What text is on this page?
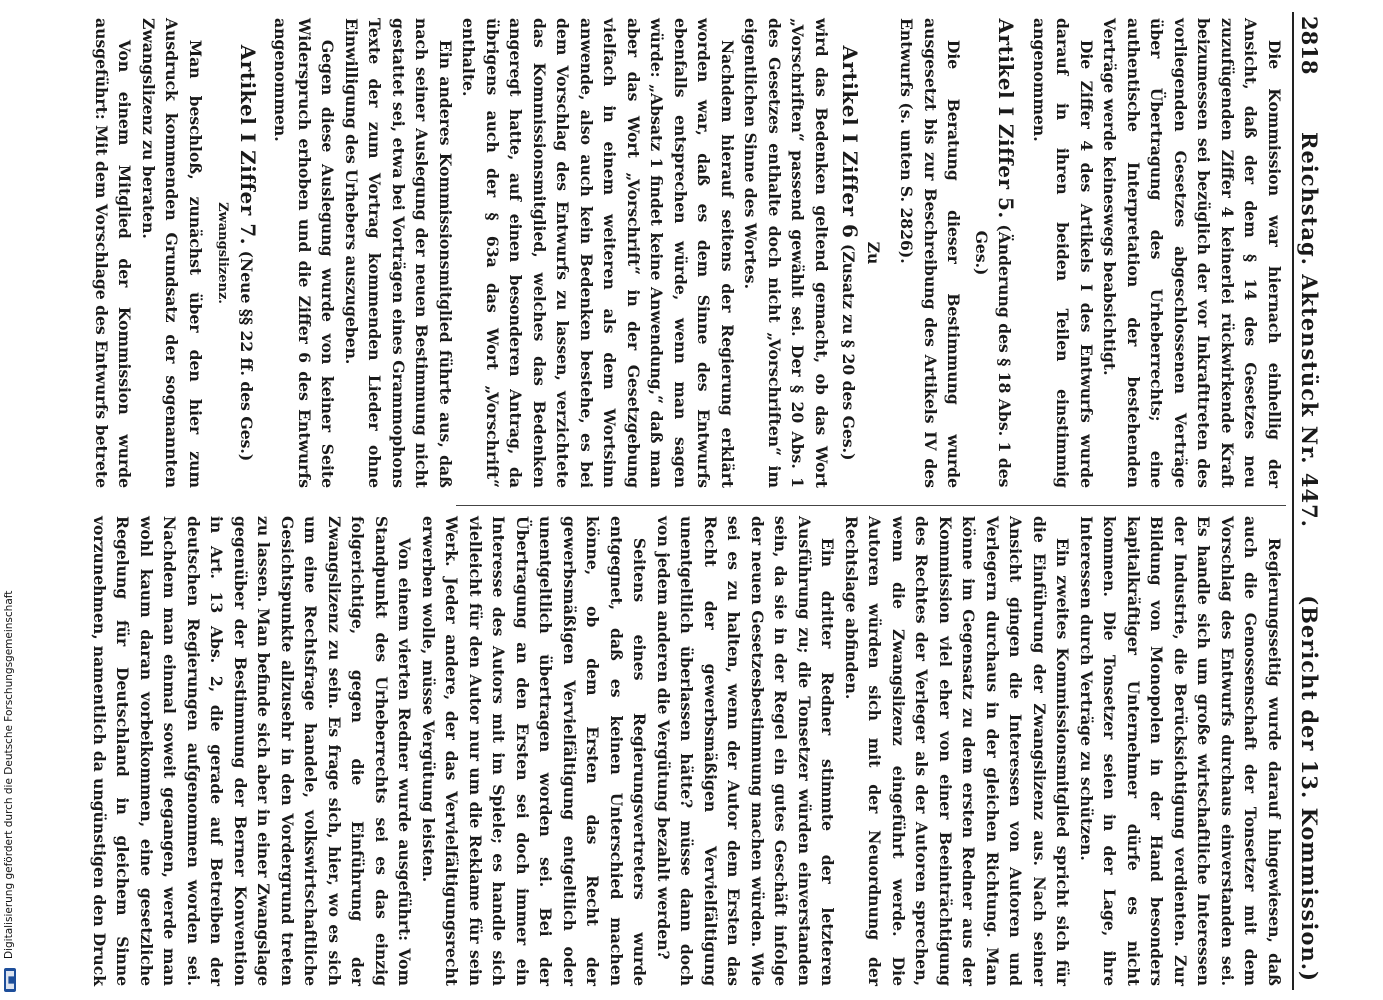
Digitalisierung gefördert durch die Deutsche Forschungsgemeinschaft
2818
Reichstag. Aktenstück Nr. 447.
(Bericht der 13. Kommission.)

Die Kommission war hiernach einhellig der Ansicht, daß der dem § 14 des Gesetzes neu zuzufügenden Ziffer 4 keinerlei rückwirkende Kraft beizumessen sei bezüglich der vor Inkrafttreten des vorliegenden Gesetzes abgeschlossenen Verträge über Übertragung des Urheberrechts; eine authentische Interpretation der bestehenden Verträge werde keineswegs beabsichtigt.

Die Ziffer 4 des Artikels I des Entwurfs wurde darauf in ihren beiden Teilen einstimmig angenommen.

Artikel I Ziffer 5. (Änderung des § 18 Abs. 1 des Ges.)

Die Beratung dieser Bestimmung wurde ausgesetzt bis zur Beschreibung des Artikels IV des Entwurfs (s. unten S. 2826).

Zu
Artikel I Ziffer 6 (Zusatz zu § 20 des Ges.)

wird das Bedenken geltend gemacht, ob das Wort „Vorschriften“ passend gewählt sei. Der § 20 Abs. 1 des Gesetzes enthalte doch nicht „Vorschriften“ im eigentlichen Sinne des Wortes.

Nachdem hierauf seitens der Regierung erklärt worden war, daß es dem Sinne des Entwurfs ebenfalls entsprechen würde, wenn man sagen würde: „Absatz 1 findet keine Anwendung,“ daß man aber das Wort „Vorschrift“ in der Gesetzgebung vielfach in einem weiteren als dem Wortsinn anwende, also auch kein Bedenken bestehe, es bei dem Vorschlag des Entwurfs zu lassen, verzichtete das Kommissionsmitglied, welches das Bedenken angeregt hatte, auf einen besonderen Antrag, da übrigens auch der § 63a das Wort „Vorschrift“ enthalte.

Ein anderes Kommissionsmitglied führte aus, daß nach seiner Auslegung der neuen Bestimmung nicht gestattet sei, etwa bei Vorträgen eines Grammophons Texte der zum Vortrag kommenden Lieder ohne Einwilligung des Urhebers auszugeben.

Gegen diese Auslegung wurde von keiner Seite Widerspruch erhoben und die Ziffer 6 des Entwurfs angenommen.

Artikel I Ziffer 7. (Neue §§ 22 ff. des Ges.)
Zwangslizenz.

Man beschloß, zunächst über den hier zum Ausdruck kommenden Grundsatz der sogenannten Zwangslizenz zu beraten.

Von einem Mitglied der Kommission wurde ausgeführt: Mit dem Vorschlage des Entwurfs betrete

Regierungsseitig wurde darauf hingewiesen, daß auch die Genossenschaft der Tonsetzer mit dem Vorschlag des Entwurfs durchaus einverstanden sei. Es handle sich um große wirtschaftliche Interessen der Industrie, die Berücksichtigung verdienten. Zur Bildung von Monopolen in der Hand besonders kapitalkräftiger Unternehmer dürfe es nicht kommen. Die Tonsetzer seien in der Lage, ihre Interessen durch Verträge zu schützen.

Ein zweites Kommissionsmitglied spricht sich für die Einführung der Zwangslizenz aus. Nach seiner Ansicht gingen die Interessen von Autoren und Verlegern durchaus in der gleichen Richtung. Man könne im Gegensatz zu dem ersten Redner aus der Kommission viel eher von einer Beeinträchtigung des Rechtes der Verleger als der Autoren sprechen, wenn die Zwangslizenz eingeführt werde. Die Autoren würden sich mit der Neuordnung der Rechtslage abfinden.

Ein dritter Redner stimmte der letzteren Ausführung zu; die Tonsetzer würden einverstanden sein, da sie in der Regel ein gutes Geschäft infolge der neuen Gesetzesbestimmung machen würden. Wie sei es zu halten, wenn der Autor dem Ersten das Recht der gewerbsmäßigen Vervielfältigung unentgeltlich überlassen hätte? müsse dann doch von jedem anderen die Vergütung bezahlt werden?

Seitens eines Regierungsvertreters wurde entgegnet, daß es keinen Unterschied machen könne, ob dem Ersten das Recht der gewerbsmäßigen Vervielfältigung entgeltlich oder unentgeltlich übertragen worden sei. Bei der Übertragung an den Ersten sei doch immer ein Interesse des Autors mit im Spiele; es handle sich vielleicht für den Autor nur um die Reklame für sein Werk. Jeder andere, der das Vervielfältigungsrecht erwerben wolle, müsse Vergütung leisten.

Von einem vierten Redner wurde ausgeführt: Vom Standpunkt des Urheberrechts sei es das einzig folgerichtige, gegen die Einführung der Zwangslizenz zu sein. Es frage sich, hier, wo es sich um eine Rechtsfrage handele, volkswirtschaftliche Gesichtspunkte allzusehr in den Vordergrund treten zu lassen. Man befinde sich aber in einer Zwangslage gegenüber der Bestimmung der Berner Konvention in Art. 13 Abs. 2, die gerade auf Betreiben der deutschen Regierungen aufgenommen worden sei. Nachdem man einmal soweit gegangen, werde man wohl kaum daran vorbeikommen, eine gesetzliche Regelung für Deutschland in gleichem Sinne vorzunehmen, namentlich da ungünstigen den Druck
